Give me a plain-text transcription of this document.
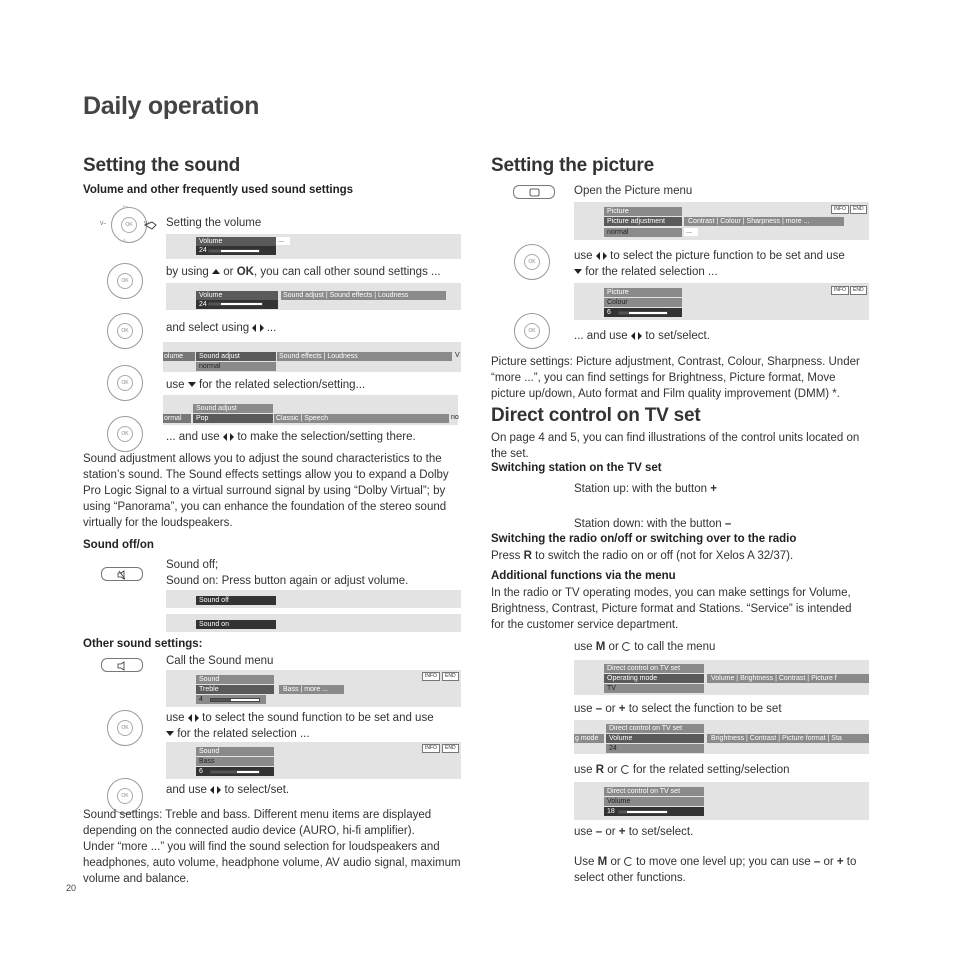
Daily operation
Setting the sound
Volume and other frequently used sound settings
OK
V–	V+
P+
P–
Setting the volume
Volume	...
24
OK
by using or OK, you can call other sound settings ...
Volume	Sound adjust | Sound effects | Loudness
24
OK	and select using ...
olume	Sound adjust	Sound effects | Loudness	V
normal
OK	use for the related selection/setting...
Sound adjust
ormal	Pop	Classic | Speech	no
OK	... and use to make the selection/setting there.
Sound adjustment allows you to adjust the sound characteristics to the station’s sound. The Sound effects settings allow you to expand a Dolby Pro Logic Signal to a virtual surround signal by using “Dolby Virtual”; by using “Panorama”, you can enhance the foundation of the stereo sound virtually for the loudspeakers.
Sound off/on
Sound off;
Sound on: Press button again or adjust volume.
Sound off
Sound on
Other sound settings:
Call the Sound menu
Sound	INFO	END
Treble	Bass | more ...
4
OK
use to select the sound function to be set and use
for the related selection ...
Sound	INFO	END
Bass
6
OK	and use to select/set.
Sound settings: Treble and bass. Different menu items are displayed depending on the connected audio device (AURO, hi-fi amplifier).
Under “more ...” you will find the sound selection for loudspeakers and headphones, auto volume, headphone volume, AV audio signal, maximum volume and balance.
20
Setting the picture
Open the Picture menu
Picture	INFO	END
Picture adjustment	Contrast | Colour | Sharpness | more ...
normal	...
OK	use to select the picture function to be set and use
for the related selection ...
Picture	INFO	END
Colour
6
OK	... and use to set/select.
Picture settings: Picture adjustment, Contrast, Colour, Sharpness. Under “more ...”, you can find settings for Brightness, Picture format, Move picture up/down, Auto format and Film quality improvement (DMM) *.
Direct control on TV set
On page 4 and 5, you can find illustrations of the control units located on the set.
Switching station on the TV set
Station up: with the button +
Station down: with the button –
Switching the radio on/off or switching over to the radio
Press R to switch the radio on or off (not for Xelos A 32/37).
Additional functions via the menu
In the radio or TV operating modes, you can make settings for Volume, Brightness, Contrast, Picture format and Stations. “Service” is intended for the customer service department.
use M or to call the menu
Direct control on TV set
Operating mode	Volume | Brightness | Contrast | Picture f
TV
use – or + to select the function to be set
Direct control on TV set
g mode	Volume	Brightness | Contrast | Picture format | Sta
24
use R or for the related setting/selection
Direct control on TV set
Volume
18
use – or + to set/select.
Use M or to move one level up; you can use – or + to
select other functions.
